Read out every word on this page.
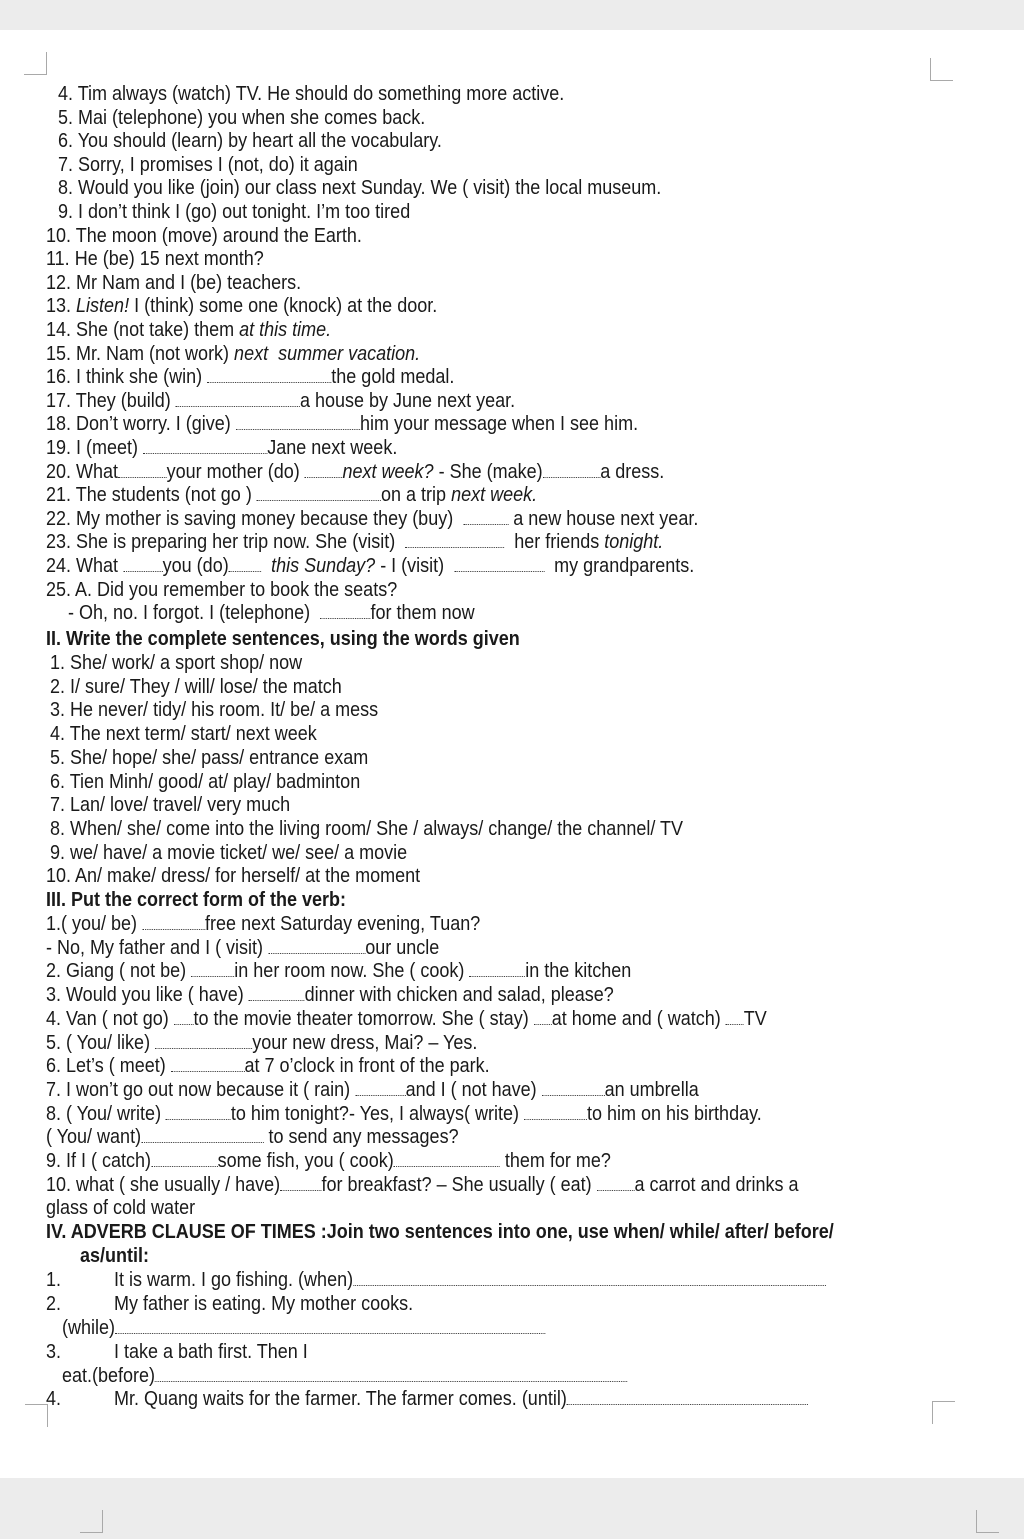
4. Tim always (watch) TV. He should do something more active.
5. Mai (telephone) you when she comes back.
6. You should (learn) by heart all the vocabulary.
7. Sorry, I promises I (not, do) it again
8. Would you like (join) our class next Sunday. We ( visit) the local museum.
9. I don’t think I (go) out tonight. I’m too tired
10. The moon (move) around the Earth.
11. He (be) 15 next month?
12. Mr Nam and I (be) teachers.
13. Listen! I (think) some one (knock) at the door.
14. She (not take) them at this time.
15. Mr. Nam (not work) next  summer vacation.
16. I think she (win)	the gold medal.
17. They (build)	a house by June next year.
18. Don’t worry. I (give)	him your message when I see him.
19. I (meet)	Jane next week.
20. What your mother (do) next week? - She (make)	a dress.
21. The students (not go )	on a trip next week.
22. My mother is saving money because they (buy)   a new house next year.
23. She is preparing her trip now. She (visit)	her friends tonight.
24. What you (do) this Sunday? - I (visit)	my grandparents.
25. A. Did you remember to book the seats?
- Oh, no. I forgot. I (telephone)	for them now
II. Write the complete sentences, using the words given
1. She/ work/ a sport shop/ now
2. I/ sure/ They / will/ lose/ the match
3. He never/ tidy/ his room. It/ be/ a mess
4. The next term/ start/ next week
5. She/ hope/ she/ pass/ entrance exam
6. Tien Minh/ good/ at/ play/ badminton
7. Lan/ love/ travel/ very much
8. When/ she/ come into the living room/ She / always/ change/ the channel/ TV
9. we/ have/ a movie ticket/ we/ see/ a movie
10. An/ make/ dress/ for herself/ at the moment
III. Put the correct form of the verb:
1.( you/ be)	free next Saturday evening, Tuan?
- No, My father and I ( visit)	our uncle
2. Giang ( not be) in her room now. She ( cook)	in the kitchen
3. Would you like ( have)	dinner with chicken and salad, please?
4. Van ( not go) to the movie theater tomorrow. She ( stay) at home and ( watch) TV
5. ( You/ like)	your new dress, Mai? – Yes.
6. Let’s ( meet)	at 7 o’clock in front of the park.
7. I won’t go out now because it ( rain)	and I ( not have)	an umbrella
8. ( You/ write)	to him tonight?- Yes, I always( write)	to him on his birthday.
( You/ want)	to send any messages?
9. If I ( catch)	some fish, you ( cook)	them for me?
10. what ( she usually / have) for breakfast? – She usually ( eat) a carrot and drinks a
glass of cold water
IV. ADVERB CLAUSE OF TIMES :Join two sentences into one, use when/ while/ after/ before/
as/until:
1.	It is warm. I go fishing. (when)
2.	My father is eating. My mother cooks.
(while)
3.	I take a bath first. Then I
eat.(before)
4.	Mr. Quang waits for the farmer. The farmer comes. (until)
